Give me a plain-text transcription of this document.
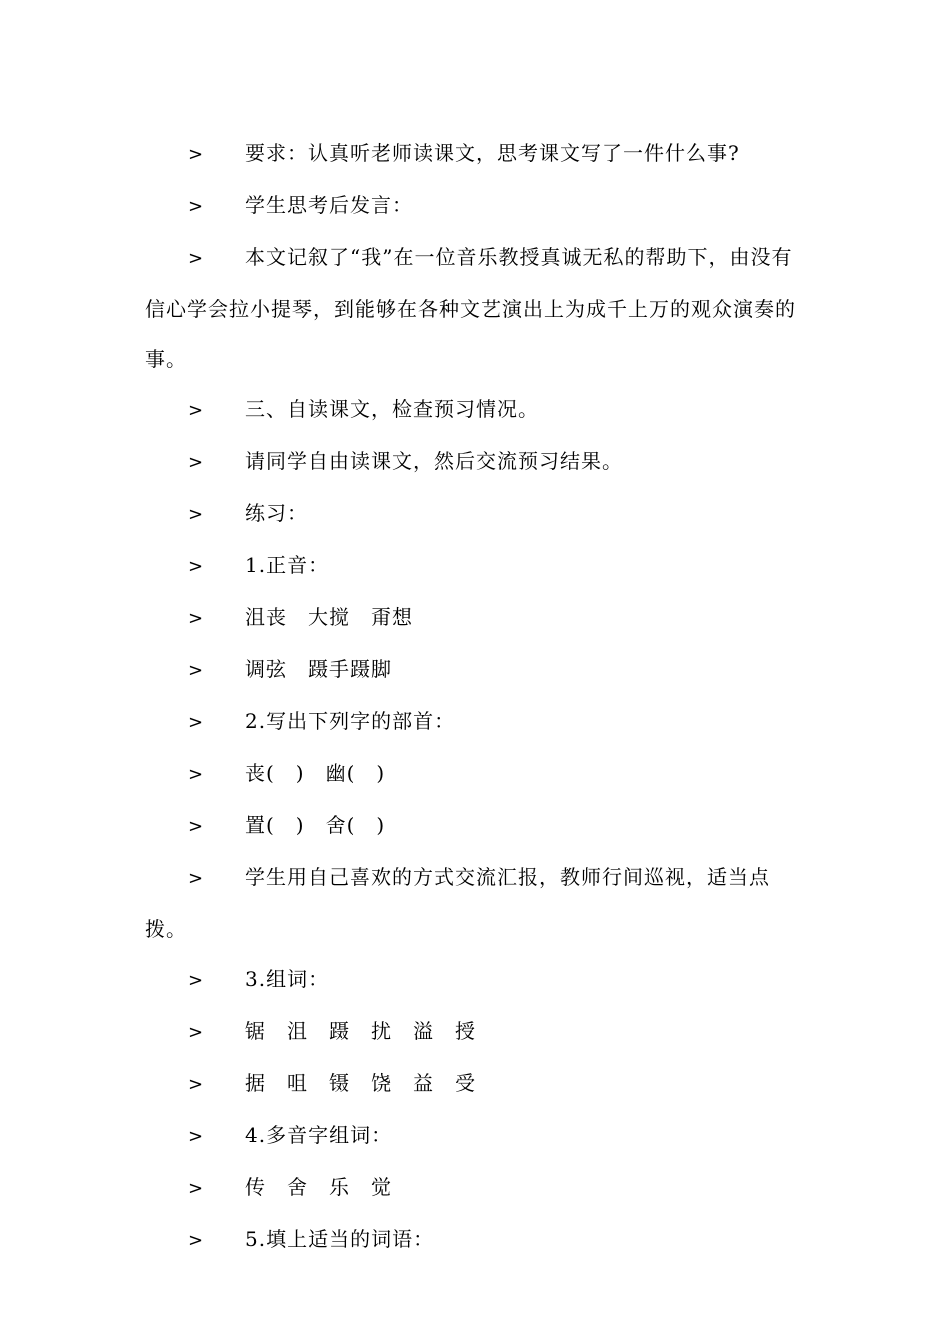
> 要求：认真听老师读课文，思考课文写了一件什么事?

> 学生思考后发言：

> 本文记叙了“我”在一位音乐教授真诚无私的帮助下，由没有信心学会拉小提琴，到能够在各种文艺演出上为成千上万的观众演奏的事。

> 三、自读课文，检查预习情况。

> 请同学自由读课文，然后交流预习结果。

> 练习：

> 1.正音：

> 沮丧　大搅　甭想

> 调弦　蹑手蹑脚

> 2.写出下列字的部首：

> 丧(　)　幽(　)

> 置(　)　舍(　)

> 学生用自己喜欢的方式交流汇报，教师行间巡视，适当点拨。

> 3.组词：

> 锯　沮　蹑　扰　溢　授

> 据　咀　镊　饶　益　受

> 4.多音字组词：

> 传　舍　乐　觉

> 5.填上适当的词语：
